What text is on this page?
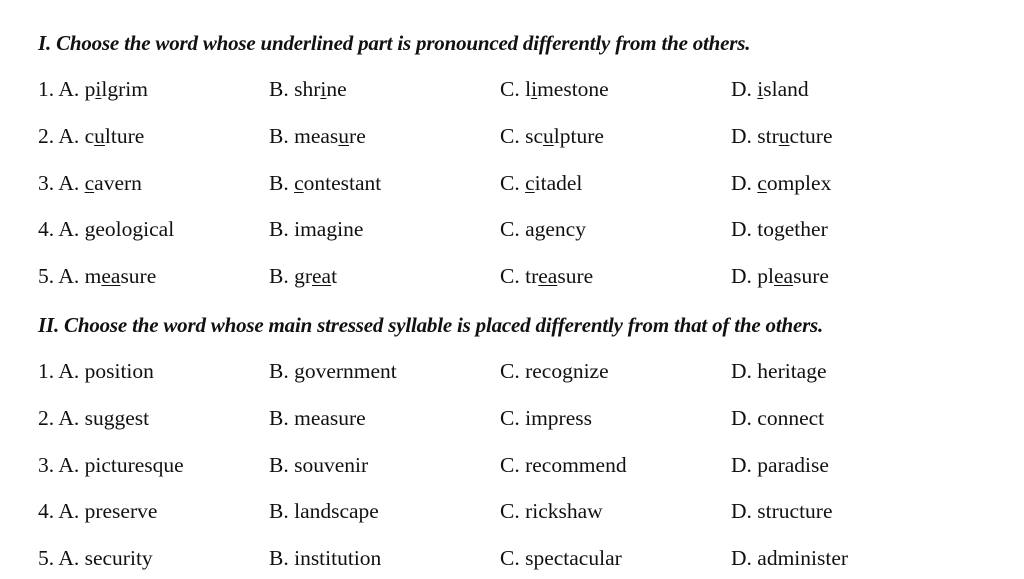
I. Choose the word whose underlined part is pronounced differently from the others.
1. A. pilgrim	B. shrine	C. limestone	D. island
2. A. culture	B. measure	C. sculpture	D. structure
3. A. cavern	B. contestant	C. citadel	D. complex
4. A. geological	B. imagine	C. agency	D. together
5. A. measure	B. great	C. treasure	D. pleasure
II. Choose the word whose main stressed syllable is placed differently from that of the others.
1. A. position	B. government	C. recognize	D. heritage
2. A. suggest	B. measure	C. impress	D. connect
3. A. picturesque	B. souvenir	C. recommend	D. paradise
4. A. preserve	B. landscape	C. rickshaw	D. structure
5. A. security	B. institution	C. spectacular	D. administer
